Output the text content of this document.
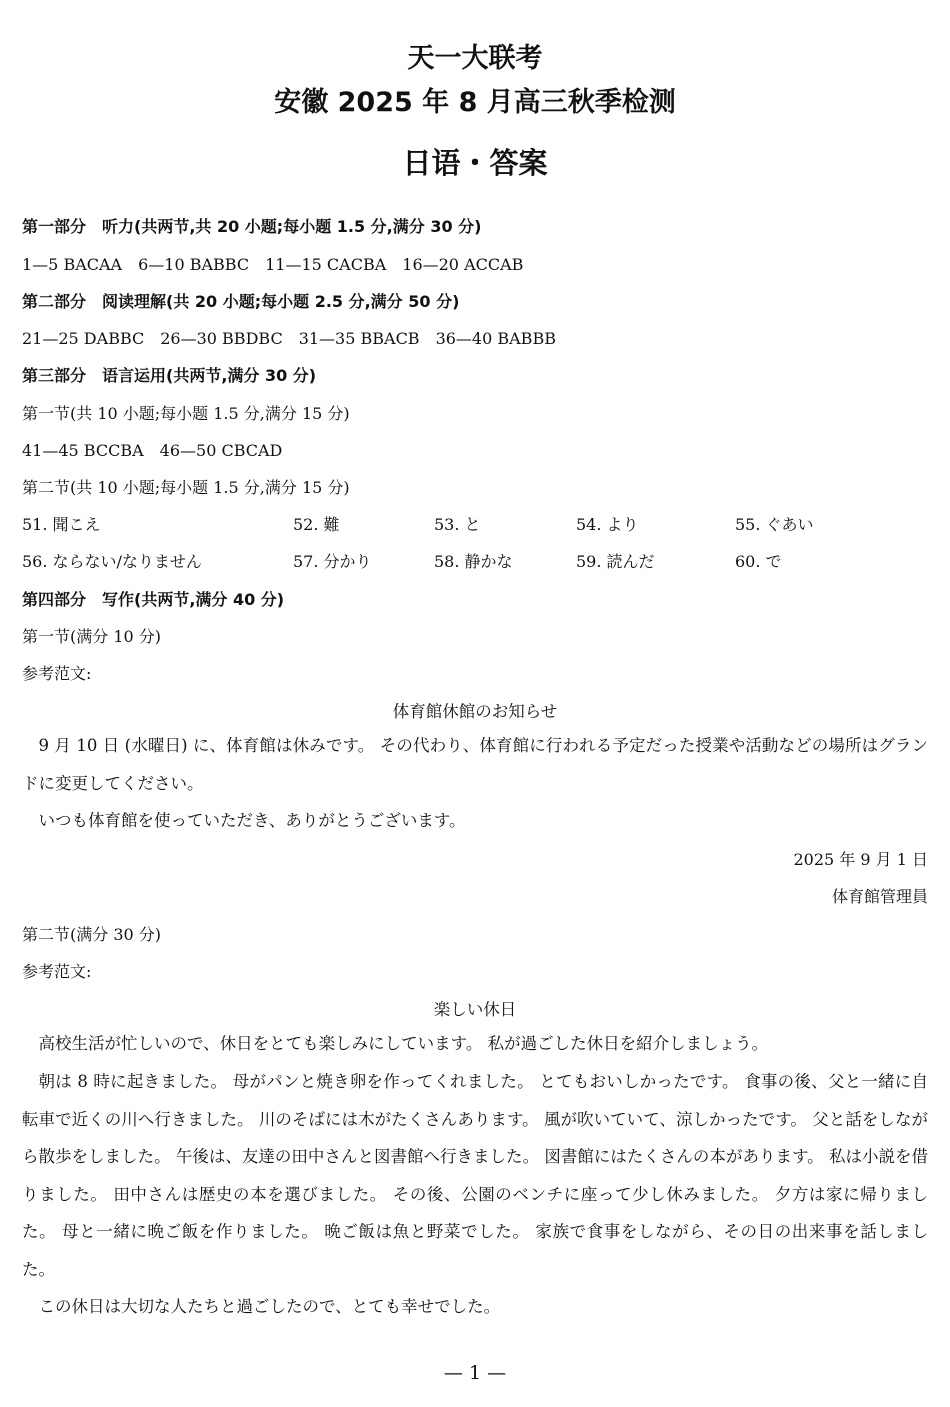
天一大联考
安徽 2025 年 8 月高三秋季检测
日语・答案
第一部分　听力(共两节,共 20 小题;每小题 1.5 分,满分 30 分)
1—5 BACAA　6—10 BABBC　11—15 CACBA　16—20 ACCAB
第二部分　阅读理解(共 20 小题;每小题 2.5 分,满分 50 分)
21—25 DABBC　26—30 BBDBC　31—35 BBACB　36—40 BABBB
第三部分　语言运用(共两节,满分 30 分)
第一节(共 10 小题;每小题 1.5 分,满分 15 分)
41—45 BCCBA　46—50 CBCAD
第二节(共 10 小题;每小题 1.5 分,满分 15 分)
51. 聞こえ	52. 難	53. と	54. より	55. ぐあい
56. ならない/なりません	57. 分かり	58. 静かな	59. 読んだ	60. で
第四部分　写作(共两节,满分 40 分)
第一节(满分 10 分)
参考范文:
体育館休館のお知らせ
9 月 10 日 (水曜日) に、体育館は休みです。 その代わり、体育館に行われる予定だった授業や活動などの場所はグランドに変更してください。
いつも体育館を使っていただき、ありがとうございます。
2025 年 9 月 1 日
体育館管理員
第二节(满分 30 分)
参考范文:
楽しい休日
高校生活が忙しいので、休日をとても楽しみにしています。 私が過ごした休日を紹介しましょう。
朝は 8 時に起きました。 母がパンと焼き卵を作ってくれました。 とてもおいしかったです。 食事の後、父と一緒に自転車で近くの川へ行きました。 川のそばには木がたくさんあります。 風が吹いていて、涼しかったです。 父と話をしながら散歩をしました。 午後は、友達の田中さんと図書館へ行きました。 図書館にはたくさんの本があります。 私は小説を借りました。 田中さんは歴史の本を選びました。 その後、公園のベンチに座って少し休みました。 夕方は家に帰りました。 母と一緒に晩ご飯を作りました。 晩ご飯は魚と野菜でした。 家族で食事をしながら、その日の出来事を話しました。
この休日は大切な人たちと過ごしたので、とても幸せでした。
— 1 —
